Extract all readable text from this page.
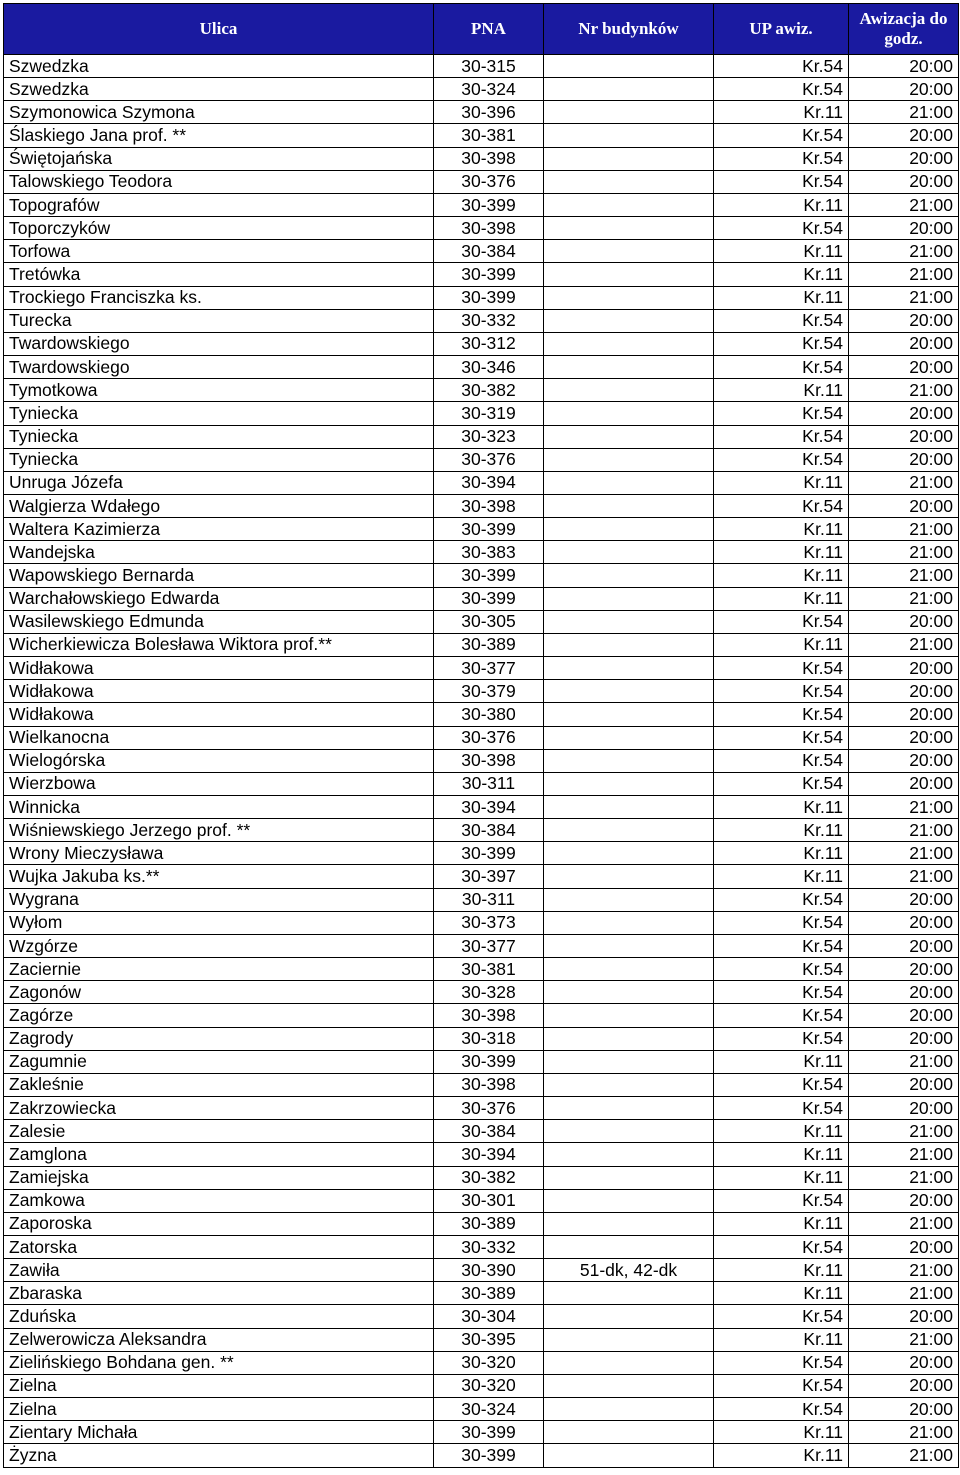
Ulica	PNA	Nr budynków	UP awiz.	Awizacja do godz.
Szwedzka	30-315		Kr.54	20:00
Szwedzka	30-324		Kr.54	20:00
Szymonowica Szymona	30-396		Kr.11	21:00
Ślaskiego Jana prof. **	30-381		Kr.54	20:00
Świętojańska	30-398		Kr.54	20:00
Talowskiego Teodora	30-376		Kr.54	20:00
Topografów	30-399		Kr.11	21:00
Toporczyków	30-398		Kr.54	20:00
Torfowa	30-384		Kr.11	21:00
Tretówka	30-399		Kr.11	21:00
Trockiego Franciszka ks.	30-399		Kr.11	21:00
Turecka	30-332		Kr.54	20:00
Twardowskiego	30-312		Kr.54	20:00
Twardowskiego	30-346		Kr.54	20:00
Tymotkowa	30-382		Kr.11	21:00
Tyniecka	30-319		Kr.54	20:00
Tyniecka	30-323		Kr.54	20:00
Tyniecka	30-376		Kr.54	20:00
Unruga Józefa	30-394		Kr.11	21:00
Walgierza Wdałego	30-398		Kr.54	20:00
Waltera Kazimierza	30-399		Kr.11	21:00
Wandejska	30-383		Kr.11	21:00
Wapowskiego Bernarda	30-399		Kr.11	21:00
Warchałowskiego Edwarda	30-399		Kr.11	21:00
Wasilewskiego Edmunda	30-305		Kr.54	20:00
Wicherkiewicza Bolesława Wiktora prof.**	30-389		Kr.11	21:00
Widłakowa	30-377		Kr.54	20:00
Widłakowa	30-379		Kr.54	20:00
Widłakowa	30-380		Kr.54	20:00
Wielkanocna	30-376		Kr.54	20:00
Wielogórska	30-398		Kr.54	20:00
Wierzbowa	30-311		Kr.54	20:00
Winnicka	30-394		Kr.11	21:00
Wiśniewskiego Jerzego prof. **	30-384		Kr.11	21:00
Wrony Mieczysława	30-399		Kr.11	21:00
Wujka Jakuba ks.**	30-397		Kr.11	21:00
Wygrana	30-311		Kr.54	20:00
Wyłom	30-373		Kr.54	20:00
Wzgórze	30-377		Kr.54	20:00
Zaciernie	30-381		Kr.54	20:00
Zagonów	30-328		Kr.54	20:00
Zagórze	30-398		Kr.54	20:00
Zagrody	30-318		Kr.54	20:00
Zagumnie	30-399		Kr.11	21:00
Zakleśnie	30-398		Kr.54	20:00
Zakrzowiecka	30-376		Kr.54	20:00
Zalesie	30-384		Kr.11	21:00
Zamglona	30-394		Kr.11	21:00
Zamiejska	30-382		Kr.11	21:00
Zamkowa	30-301		Kr.54	20:00
Zaporoska	30-389		Kr.11	21:00
Zatorska	30-332		Kr.54	20:00
Zawiła	30-390	51-dk, 42-dk	Kr.11	21:00
Zbaraska	30-389		Kr.11	21:00
Zduńska	30-304		Kr.54	20:00
Zelwerowicza Aleksandra	30-395		Kr.11	21:00
Zielińskiego Bohdana gen. **	30-320		Kr.54	20:00
Zielna	30-320		Kr.54	20:00
Zielna	30-324		Kr.54	20:00
Zientary Michała	30-399		Kr.11	21:00
Żyzna	30-399		Kr.11	21:00
